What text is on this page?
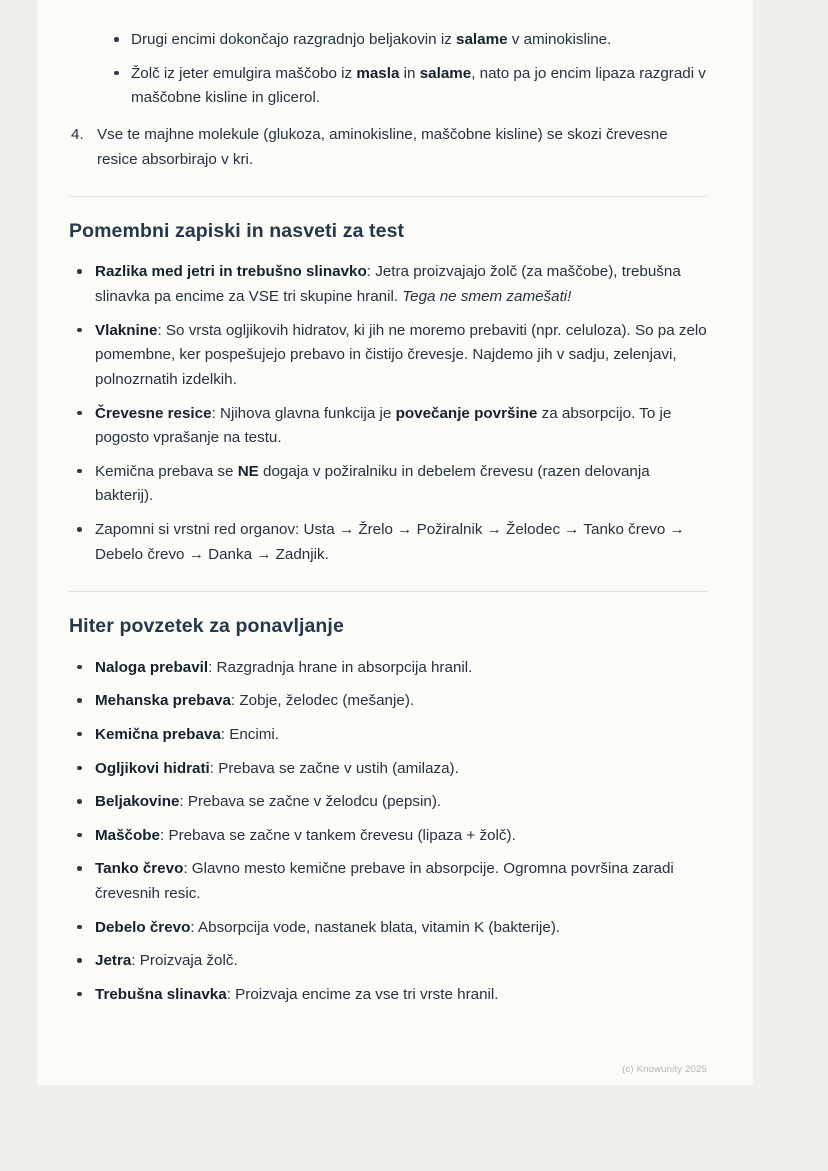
Drugi encimi dokončajo razgradnjo beljakovin iz salame v aminokisline.
Žolč iz jeter emulgira maščobo iz masla in salame, nato pa jo encim lipaza razgradi v maščobne kisline in glicerol.
4. Vse te majhne molekule (glukoza, aminokisline, maščobne kisline) se skozi črevesne resice absorbirajo v kri.
Pomembni zapiski in nasveti za test
Razlika med jetri in trebušno slinavko: Jetra proizvajajo žolč (za maščobe), trebušna slinavka pa encime za VSE tri skupine hranil. Tega ne smem zamešati!
Vlaknine: So vrsta ogljikovih hidratov, ki jih ne moremo prebaviti (npr. celuloza). So pa zelo pomembne, ker pospešujejo prebavo in čistijo črevesje. Najdemo jih v sadju, zelenjavi, polnozrnatih izdelkih.
Črevesne resice: Njihova glavna funkcija je povečanje površine za absorpcijo. To je pogosto vprašanje na testu.
Kemična prebava se NE dogaja v požiralniku in debelem črevesu (razen delovanja bakterij).
Zapomni si vrstni red organov: Usta → Žrelo → Požiralnik → Želodec → Tanko črevo → Debelo črevo → Danka → Zadnjik.
Hiter povzetek za ponavljanje
Naloga prebavil: Razgradnja hrane in absorpcija hranil.
Mehanska prebava: Zobje, želodec (mešanje).
Kemična prebava: Encimi.
Ogljikovi hidrati: Prebava se začne v ustih (amilaza).
Beljakovine: Prebava se začne v želodcu (pepsin).
Maščobe: Prebava se začne v tankem črevesu (lipaza + žolč).
Tanko črevo: Glavno mesto kemične prebave in absorpcije. Ogromna površina zaradi črevesnih resic.
Debelo črevo: Absorpcija vode, nastanek blata, vitamin K (bakterije).
Jetra: Proizvaja žolč.
Trebušna slinavka: Proizvaja encime za vse tri vrste hranil.
(c) Knowunity 2025
